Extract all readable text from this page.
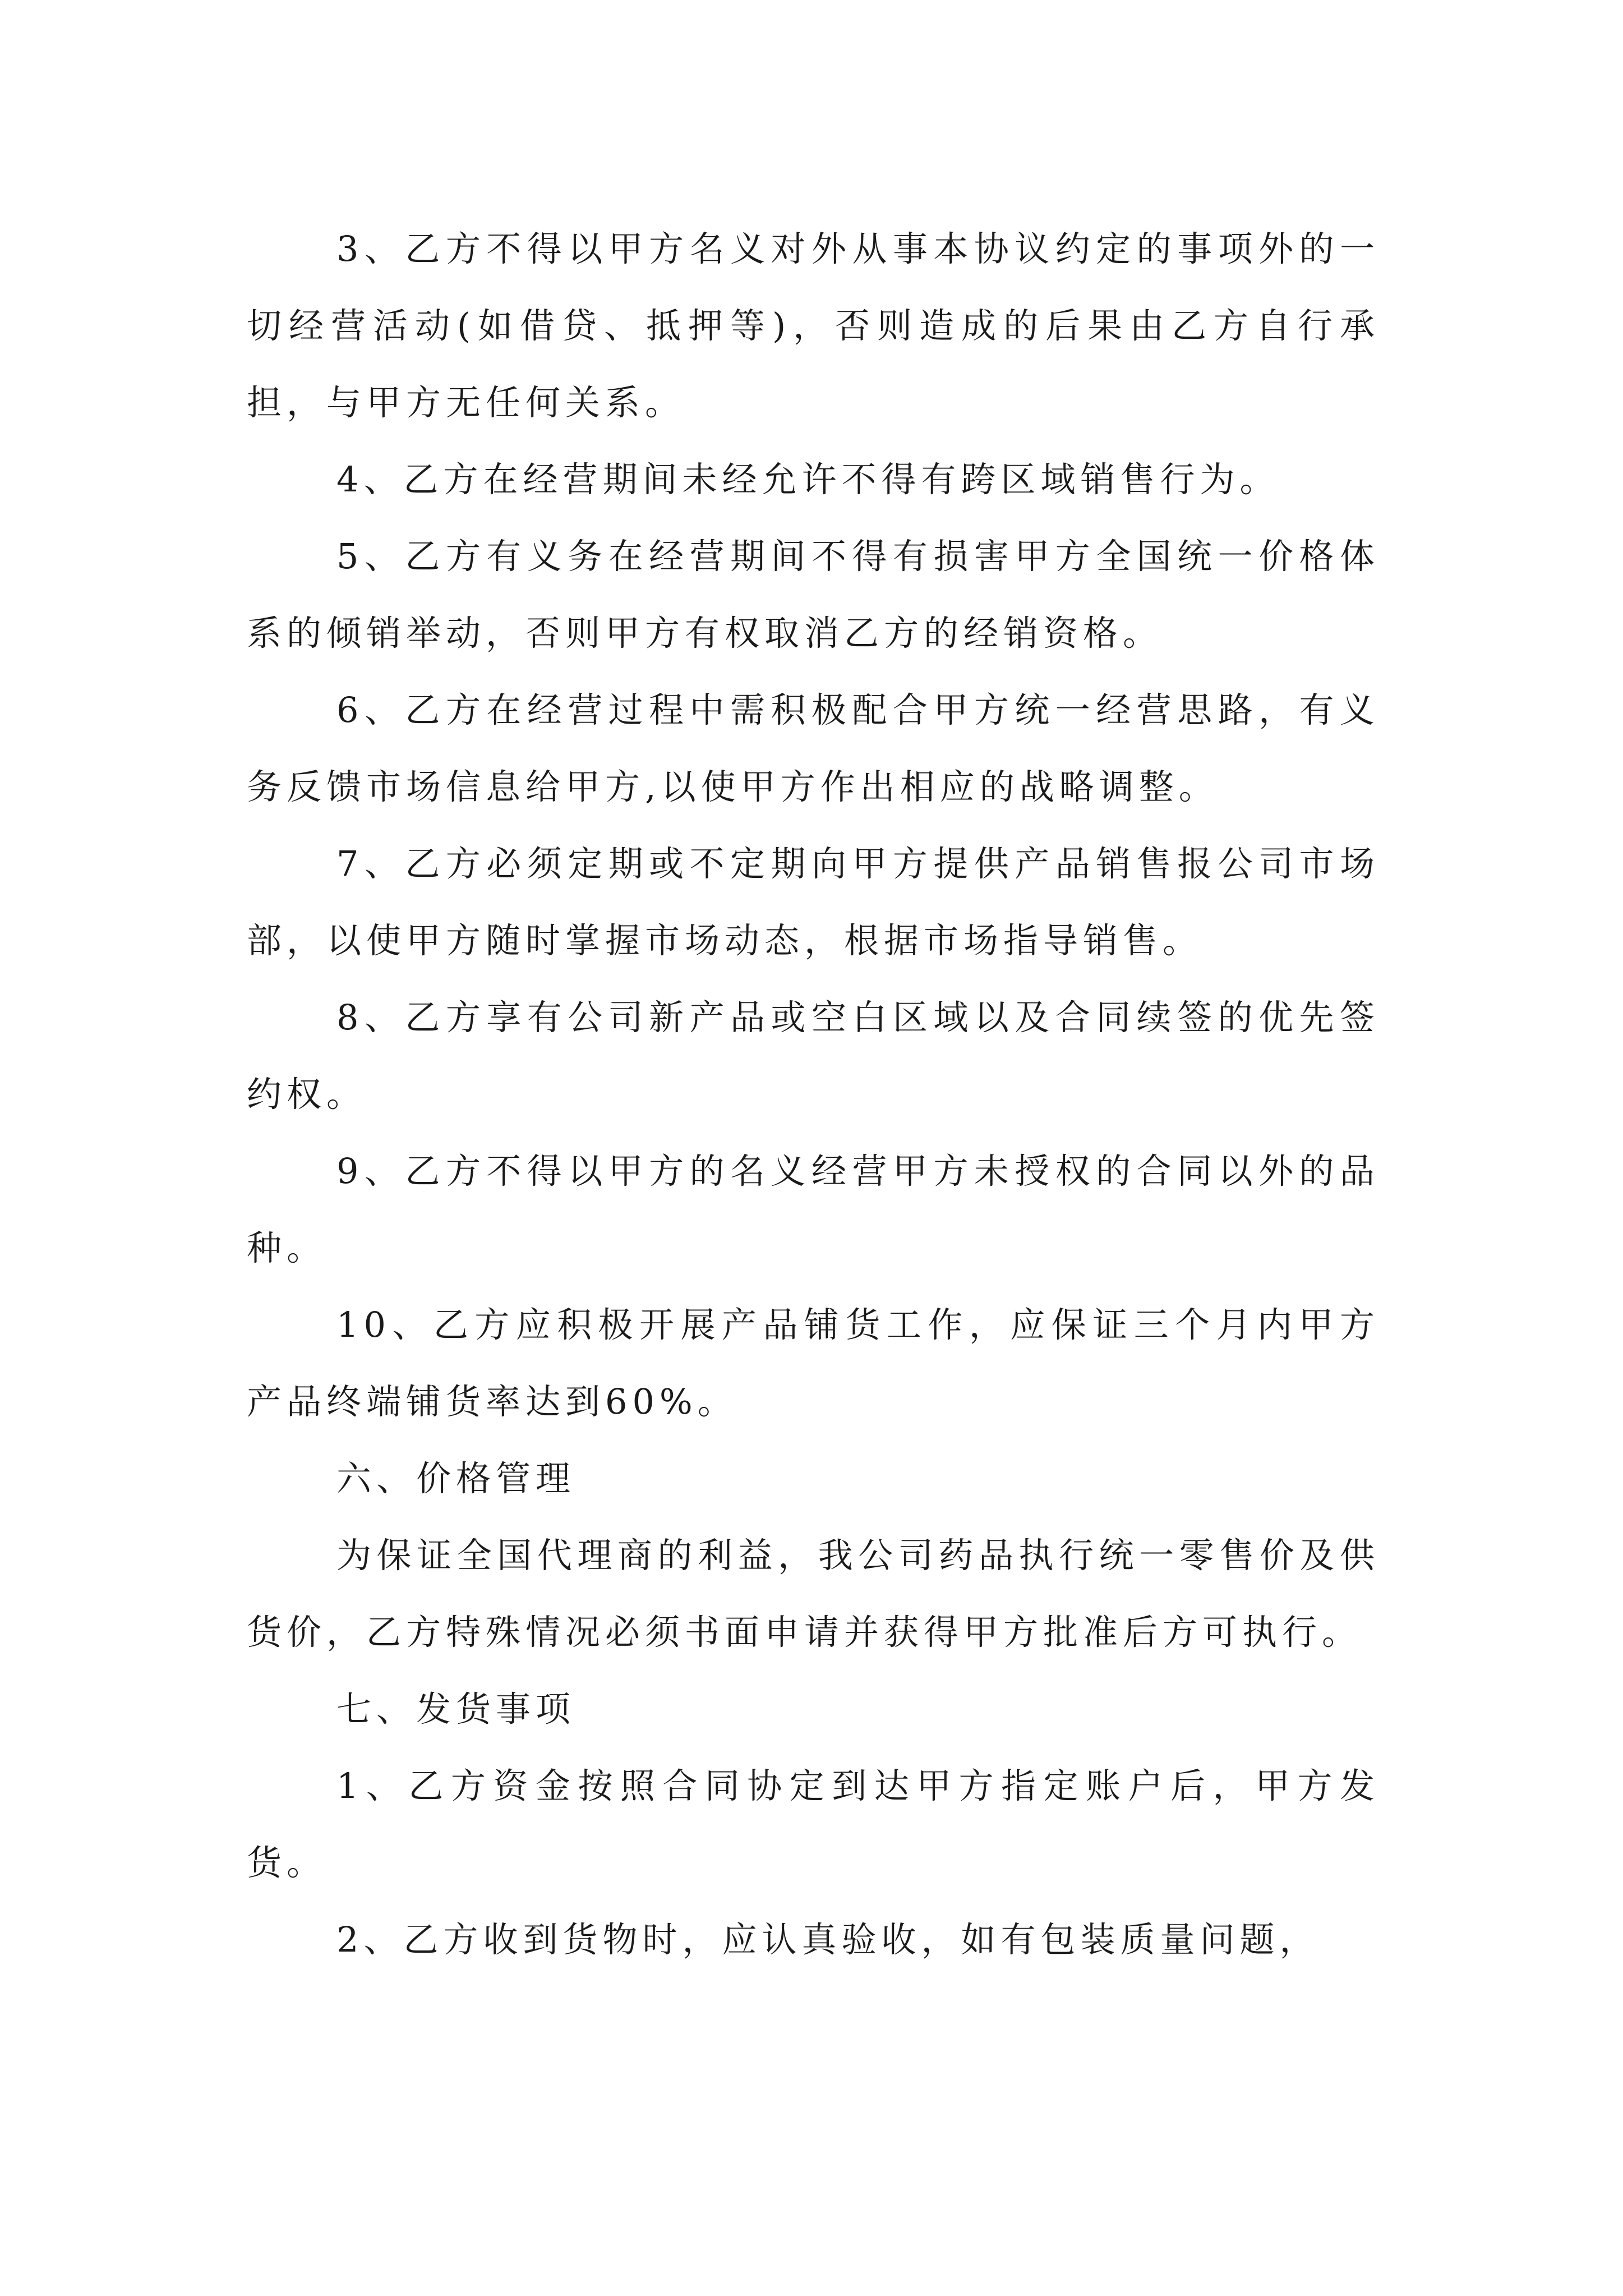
3、乙方不得以甲方名义对外从事本协议约定的事项外的一切经营活动(如借贷、抵押等)，否则造成的后果由乙方自行承担，与甲方无任何关系。

4、乙方在经营期间未经允许不得有跨区域销售行为。

5、乙方有义务在经营期间不得有损害甲方全国统一价格体系的倾销举动，否则甲方有权取消乙方的经销资格。

6、乙方在经营过程中需积极配合甲方统一经营思路，有义务反馈市场信息给甲方,以使甲方作出相应的战略调整。

7、乙方必须定期或不定期向甲方提供产品销售报公司市场部，以使甲方随时掌握市场动态，根据市场指导销售。

8、乙方享有公司新产品或空白区域以及合同续签的优先签约权。

9、乙方不得以甲方的名义经营甲方未授权的合同以外的品种。

10、乙方应积极开展产品铺货工作，应保证三个月内甲方产品终端铺货率达到60%。

六、价格管理

为保证全国代理商的利益，我公司药品执行统一零售价及供货价，乙方特殊情况必须书面申请并获得甲方批准后方可执行。

七、发货事项

1、乙方资金按照合同协定到达甲方指定账户后，甲方发货。

2、乙方收到货物时，应认真验收，如有包装质量问题，
